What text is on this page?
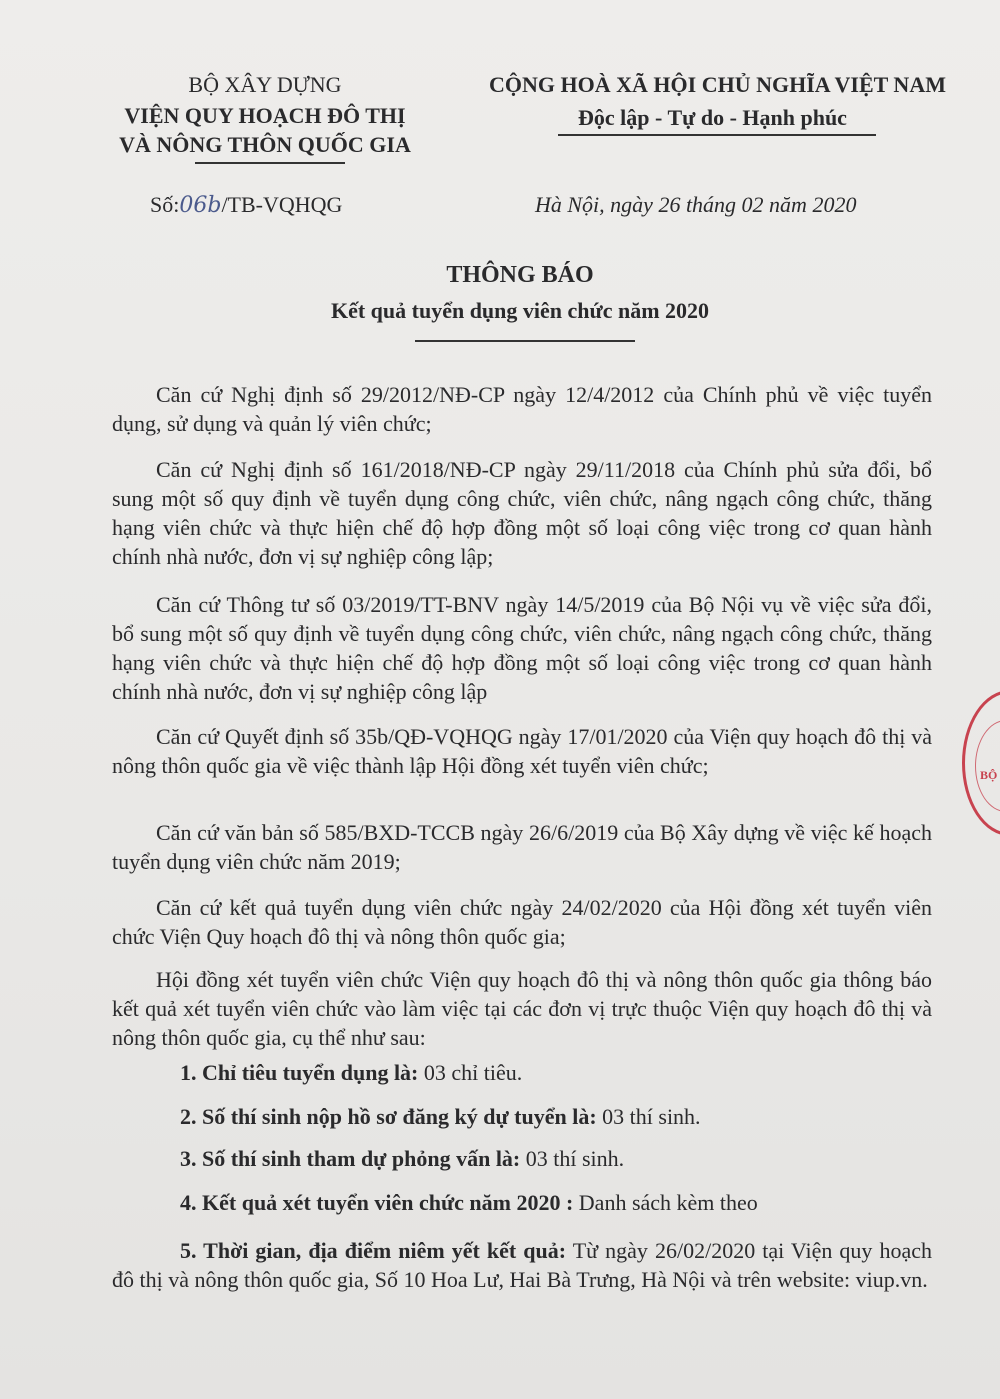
BỘ XÂY DỰNG
VIỆN QUY HOẠCH ĐÔ THỊ
VÀ NÔNG THÔN QUỐC GIA
Số:06b/TB-VQHQG
CỘNG HOÀ XÃ HỘI CHỦ NGHĨA VIỆT NAM
Độc lập - Tự do - Hạnh phúc
Hà Nội, ngày 26 tháng 02 năm 2020
THÔNG BÁO
Kết quả tuyển dụng viên chức năm 2020
Căn cứ Nghị định số 29/2012/NĐ-CP ngày 12/4/2012 của Chính phủ về việc tuyển dụng, sử dụng và quản lý viên chức;
Căn cứ Nghị định số 161/2018/NĐ-CP ngày 29/11/2018 của Chính phủ sửa đổi, bổ sung một số quy định về tuyển dụng công chức, viên chức, nâng ngạch công chức, thăng hạng viên chức và thực hiện chế độ hợp đồng một số loại công việc trong cơ quan hành chính nhà nước, đơn vị sự nghiệp công lập;
Căn cứ Thông tư số 03/2019/TT-BNV ngày 14/5/2019 của Bộ Nội vụ về việc sửa đổi, bổ sung một số quy định về tuyển dụng công chức, viên chức, nâng ngạch công chức, thăng hạng viên chức và thực hiện chế độ hợp đồng một số loại công việc trong cơ quan hành chính nhà nước, đơn vị sự nghiệp công lập
Căn cứ Quyết định số 35b/QĐ-VQHQG ngày 17/01/2020 của Viện quy hoạch đô thị và nông thôn quốc gia về việc thành lập Hội đồng xét tuyển viên chức;
Căn cứ văn bản số 585/BXD-TCCB ngày 26/6/2019 của Bộ Xây dựng về việc kế hoạch tuyển dụng viên chức năm 2019;
Căn cứ kết quả tuyển dụng viên chức ngày 24/02/2020 của Hội đồng xét tuyển viên chức Viện Quy hoạch đô thị và nông thôn quốc gia;
Hội đồng xét tuyển viên chức Viện quy hoạch đô thị và nông thôn quốc gia thông báo kết quả xét tuyển viên chức vào làm việc tại các đơn vị trực thuộc Viện quy hoạch đô thị và nông thôn quốc gia, cụ thể như sau:
1. Chỉ tiêu tuyển dụng là: 03 chỉ tiêu.
2. Số thí sinh nộp hồ sơ đăng ký dự tuyển là: 03 thí sinh.
3. Số thí sinh tham dự phỏng vấn là: 03 thí sinh.
4. Kết quả xét tuyển viên chức năm 2020 : Danh sách kèm theo
5. Thời gian, địa điểm niêm yết kết quả: Từ ngày 26/02/2020 tại Viện quy hoạch đô thị và nông thôn quốc gia, Số 10 Hoa Lư, Hai Bà Trưng, Hà Nội và trên website: viup.vn.
BỘ
